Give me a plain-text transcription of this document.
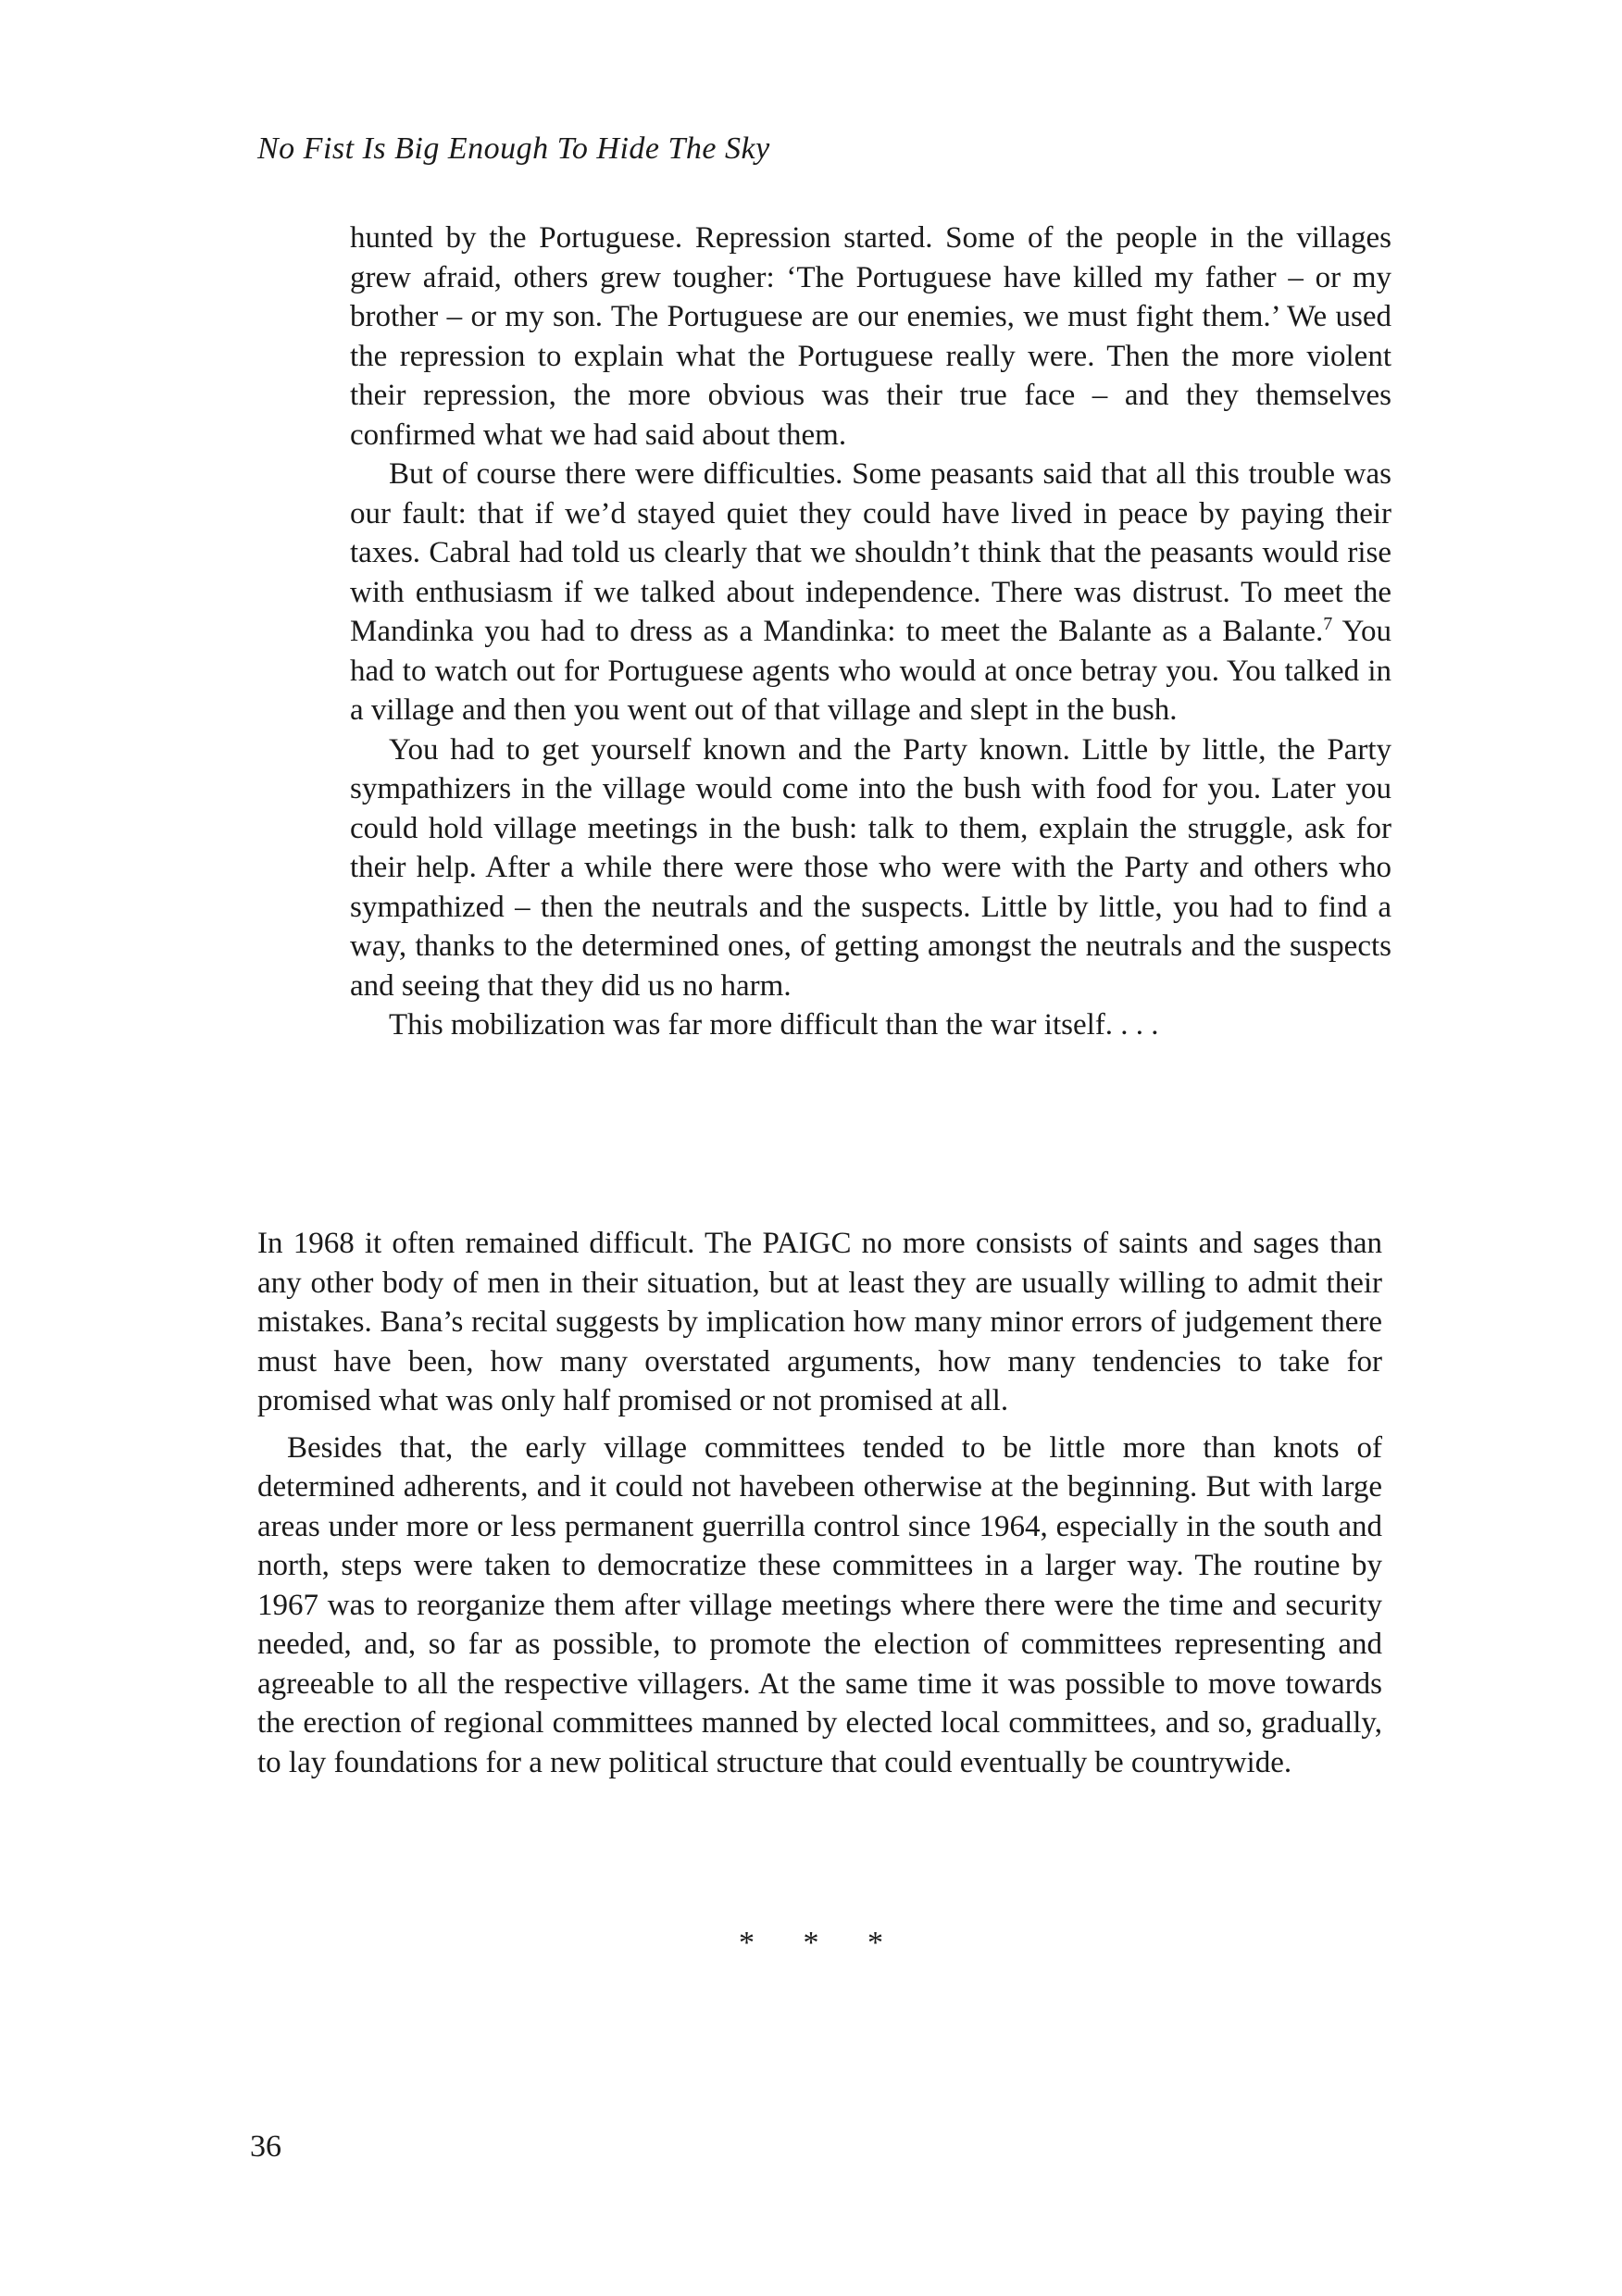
No Fist Is Big Enough To Hide The Sky

hunted by the Portuguese. Repression started. Some of the people in the villages grew afraid, others grew tougher: ‘The Portuguese have killed my father – or my brother – or my son. The Portuguese are our enemies, we must fight them.’ We used the repression to explain what the Portuguese really were. Then the more violent their repression, the more obvious was their true face – and they themselves confirmed what we had said about them.

But of course there were difficulties. Some peasants said that all this trouble was our fault: that if we’d stayed quiet they could have lived in peace by paying their taxes. Cabral had told us clearly that we shouldn’t think that the peasants would rise with enthusiasm if we talked about independence. There was distrust. To meet the Mandinka you had to dress as a Mandinka: to meet the Balante as a Balante.$^7$ You had to watch out for Portuguese agents who would at once betray you. You talked in a village and then you went out of that village and slept in the bush.

You had to get yourself known and the Party known. Little by little, the Party sympathizers in the village would come into the bush with food for you. Later you could hold village meetings in the bush: talk to them, explain the struggle, ask for their help. After a while there were those who were with the Party and others who sympathized – then the neutrals and the suspects. Little by little, you had to find a way, thanks to the determined ones, of getting amongst the neutrals and the suspects and seeing that they did us no harm.

This mobilization was far more difficult than the war itself. . . .

In 1968 it often remained difficult. The PAIGC no more consists of saints and sages than any other body of men in their situation, but at least they are usually willing to admit their mistakes. Bana’s recital suggests by implication how many minor errors of judgement there must have been, how many overstated arguments, how many tendencies to take for promised what was only half promised or not promised at all.

Besides that, the early village committees tended to be little more than knots of determined adherents, and it could not havebeen otherwise at the beginning. But with large areas under more or less permanent guerrilla control since 1964, especially in the south and north, steps were taken to democratize these committees in a larger way. The routine by 1967 was to reorganize them after village meetings where there were the time and security needed, and, so far as possible, to promote the election of committees representing and agreeable to all the respective villagers. At the same time it was possible to move towards the erection of regional committees manned by elected local committees, and so, gradually, to lay foundations for a new political structure that could eventually be countrywide.

* * *
36
